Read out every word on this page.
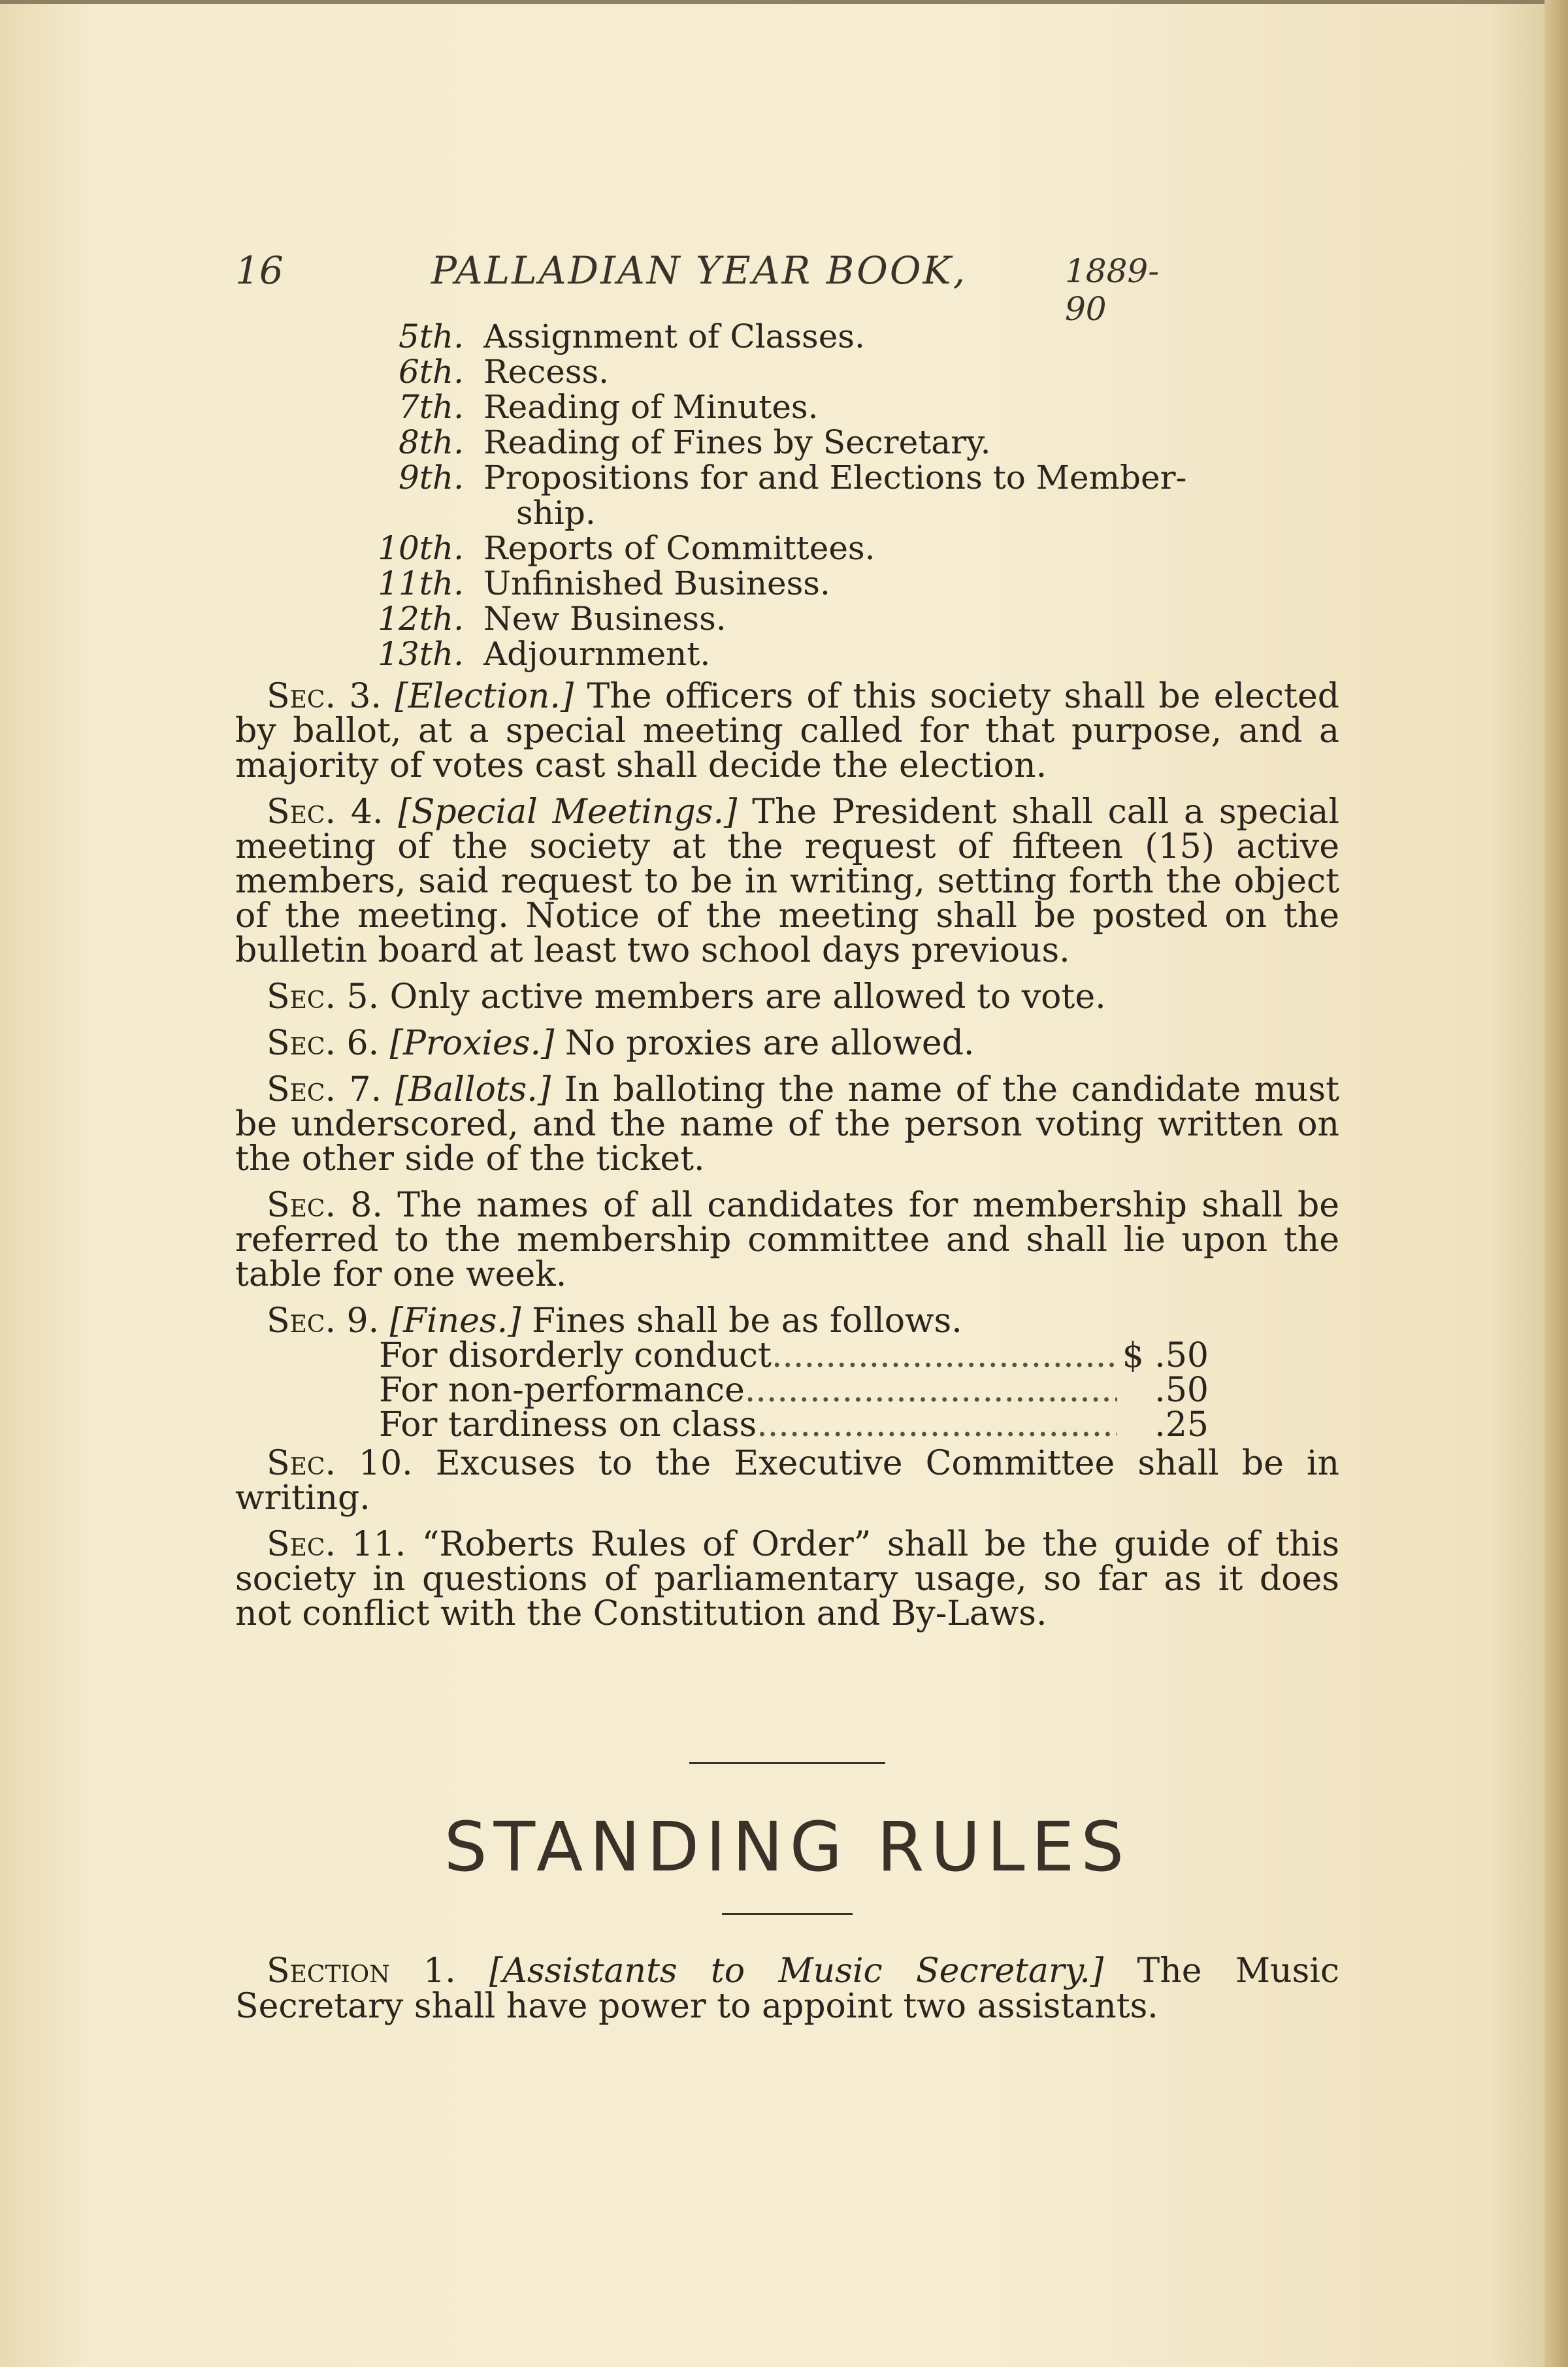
16	PALLADIAN YEAR BOOK,	1889-90
5th. Assignment of Classes.
6th. Recess.
7th. Reading of Minutes.
8th. Reading of Fines by Secretary.
9th. Propositions for and Elections to Member-
ship.
10th. Reports of Committees.
11th. Unfinished Business.
12th. New Business.
13th. Adjournment.

Sec. 3. [Election.] The officers of this society shall be elected by ballot, at a special meeting called for that purpose, and a majority of votes cast shall decide the election.

Sec. 4. [Special Meetings.] The President shall call a special meeting of the society at the request of fifteen (15) active members, said request to be in writing, setting forth the object of the meeting. Notice of the meeting shall be posted on the bulletin board at least two school days previous.

Sec. 5. Only active members are allowed to vote.

Sec. 6. [Proxies.] No proxies are allowed.

Sec. 7. [Ballots.] In balloting the name of the candidate must be underscored, and the name of the person voting written on the other side of the ticket.

Sec. 8. The names of all candidates for membership shall be referred to the membership committee and shall lie upon the table for one week.

Sec. 9. [Fines.] Fines shall be as follows.

For disorderly conduct .....	$ .50
For non-performance .....	.50
For tardiness on class .....	.25

Sec. 10. Excuses to the Executive Committee shall be in writing.

Sec. 11. “Roberts Rules of Order” shall be the guide of this society in questions of parliamentary usage, so far as it does not conflict with the Constitution and By-Laws.

STANDING RULES

Section 1. [Assistants to Music Secretary.] The Music Secretary shall have power to appoint two assistants.
